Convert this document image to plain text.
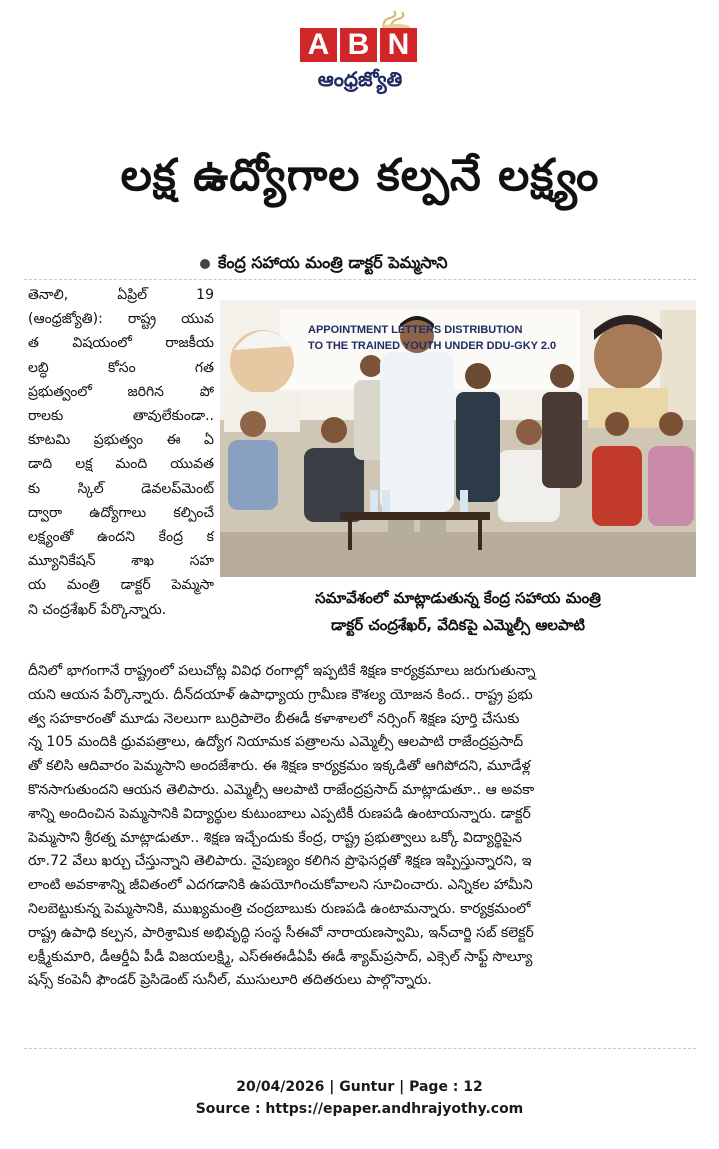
A B N
ఆంధ్రజ్యోతి
లక్ష ఉద్యోగాల కల్పనే లక్ష్యం
కేంద్ర సహాయ మంత్రి డాక్టర్ పెమ్మసాని
తెనాలి, ఏప్రిల్ 19
(ఆంధ్రజ్యోతి): రాష్ట్ర యువ
త విషయంలో రాజకీయ
లబ్ధి కోసం గత
ప్రభుత్వంలో జరిగిన పో
రాలకు తావులేకుండా..
కూటమి ప్రభుత్వం ఈ ఏ
డాది లక్ష మంది యువత
కు స్కిల్ డెవలప్‌మెంట్
ద్వారా ఉద్యోగాలు కల్పించే
లక్ష్యంతో ఉందని కేంద్ర క
మ్యూనికేషన్ శాఖ సహ
య మంత్రి డాక్టర్ పెమ్మసా
ని చంద్రశేఖర్ పేర్కొన్నారు.
APPOINTMENT LETTERS DISTRIBUTION
TO THE TRAINED YOUTH UNDER DDU-GKY 2.0
సమావేశంలో మాట్లాడుతున్న కేంద్ర సహాయ మంత్రి
డాక్టర్ చంద్రశేఖర్, వేదికపై ఎమ్మెల్సీ ఆలపాటి
దీనిలో భాగంగానే రాష్ట్రంలో పలుచోట్ల వివిధ రంగాల్లో ఇప్పటికే శిక్షణ కార్యక్రమాలు జరుగుతున్నా
యని ఆయన పేర్కొన్నారు. దీన్‌దయాళ్ ఉపాధ్యాయ గ్రామీణ కౌశల్య యోజన కింద.. రాష్ట్ర ప్రభు
త్వ సహకారంతో మూడు నెలలుగా బుర్రిపాలెం బీఈడీ కళాశాలలో నర్సింగ్ శిక్షణ పూర్తి చేసుకు
న్న 105 మందికి ధ్రువపత్రాలు, ఉద్యోగ నియామక పత్రాలను ఎమ్మెల్సీ ఆలపాటి రాజేంద్రప్రసాద్
తో కలిసి ఆదివారం పెమ్మసాని అందజేశారు. ఈ శిక్షణ కార్యక్రమం ఇక్కడితో ఆగిపోదని, మూడేళ్ల
కొనసాగుతుందని ఆయన తెలిపారు. ఎమ్మెల్సీ ఆలపాటి రాజేంద్రప్రసాద్ మాట్లాడుతూ.. ఆ అవకా
శాన్ని అందించిన పెమ్మసానికి విద్యార్థుల కుటుంబాలు ఎప్పటికీ రుణపడి ఉంటాయన్నారు. డాక్టర్
పెమ్మసాని శ్రీరత్న మాట్లాడుతూ.. శిక్షణ ఇచ్చేందుకు కేంద్ర, రాష్ట్ర ప్రభుత్వాలు ఒక్కో విద్యార్థిపైన
రూ.72 వేలు ఖర్చు చేస్తున్నాని తెలిపారు. నైపుణ్యం కలిగిన ప్రొఫెసర్లతో శిక్షణ ఇప్పిస్తున్నారని, ఇ
లాంటి అవకాశాన్ని జీవితంలో ఎదగడానికి ఉపయోగించుకోవాలని సూచించారు. ఎన్నికల హామీని
నిలబెట్టుకున్న పెమ్మసానికి, ముఖ్యమంత్రి చంద్రబాబుకు రుణపడి ఉంటామన్నారు. కార్యక్రమంలో
రాష్ట్ర ఉపాధి కల్పన, పారిశ్రామిక అభివృద్ధి సంస్థ సీఈవో నారాయణస్వామి, ఇన్‌చార్జి సబ్ కలెక్టర్
లక్ష్మీకుమారి, డీఆర్డీఏ పీడీ విజయలక్ష్మి, ఎస్ఈఈడీఏపీ ఈడీ శ్యామ్‌ప్రసాద్, ఎక్సెల్ సాఫ్ట్ సొల్యూ
షన్స్ కంపెనీ ఫౌండర్ ప్రెసిడెంట్ సునీల్, ముసులూరి తదితరులు పాల్గొన్నారు.
20/04/2026 | Guntur | Page : 12
Source : https://epaper.andhrajyothy.com
